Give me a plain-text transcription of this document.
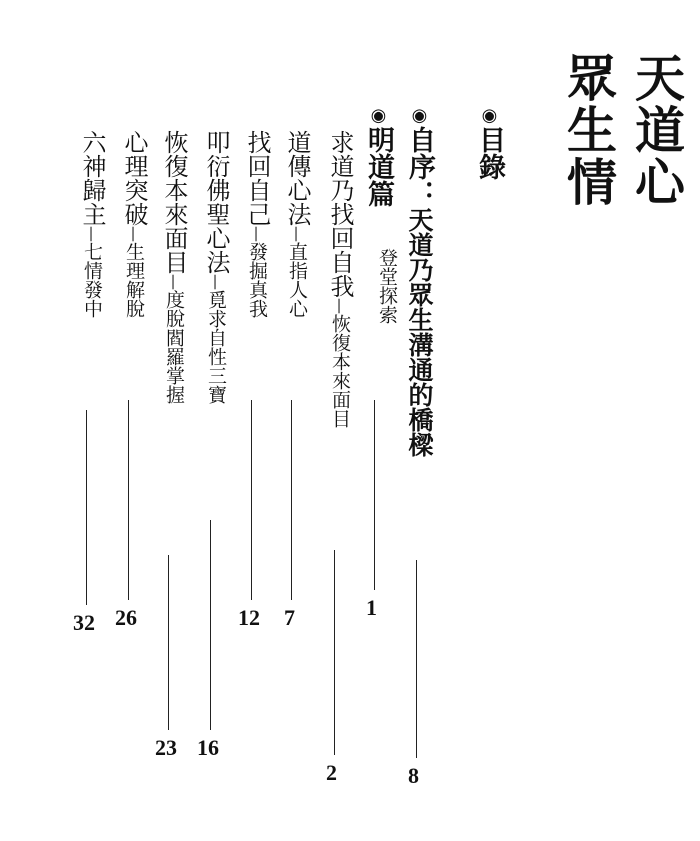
天道心
眾生情
◉目錄
◉自序：天道乃眾生溝通的橋樑
8
◉明道篇
登堂探索
1
求道乃找回自我—恢復本來面目
2
道傳心法—直指人心
7
找回自己—發掘真我
12
叩衍佛聖心法—覓求自性三寶
16
恢復本來面目—度脫閻羅掌握
23
心理突破—生理解脫
26
六神歸主—七情發中
32
